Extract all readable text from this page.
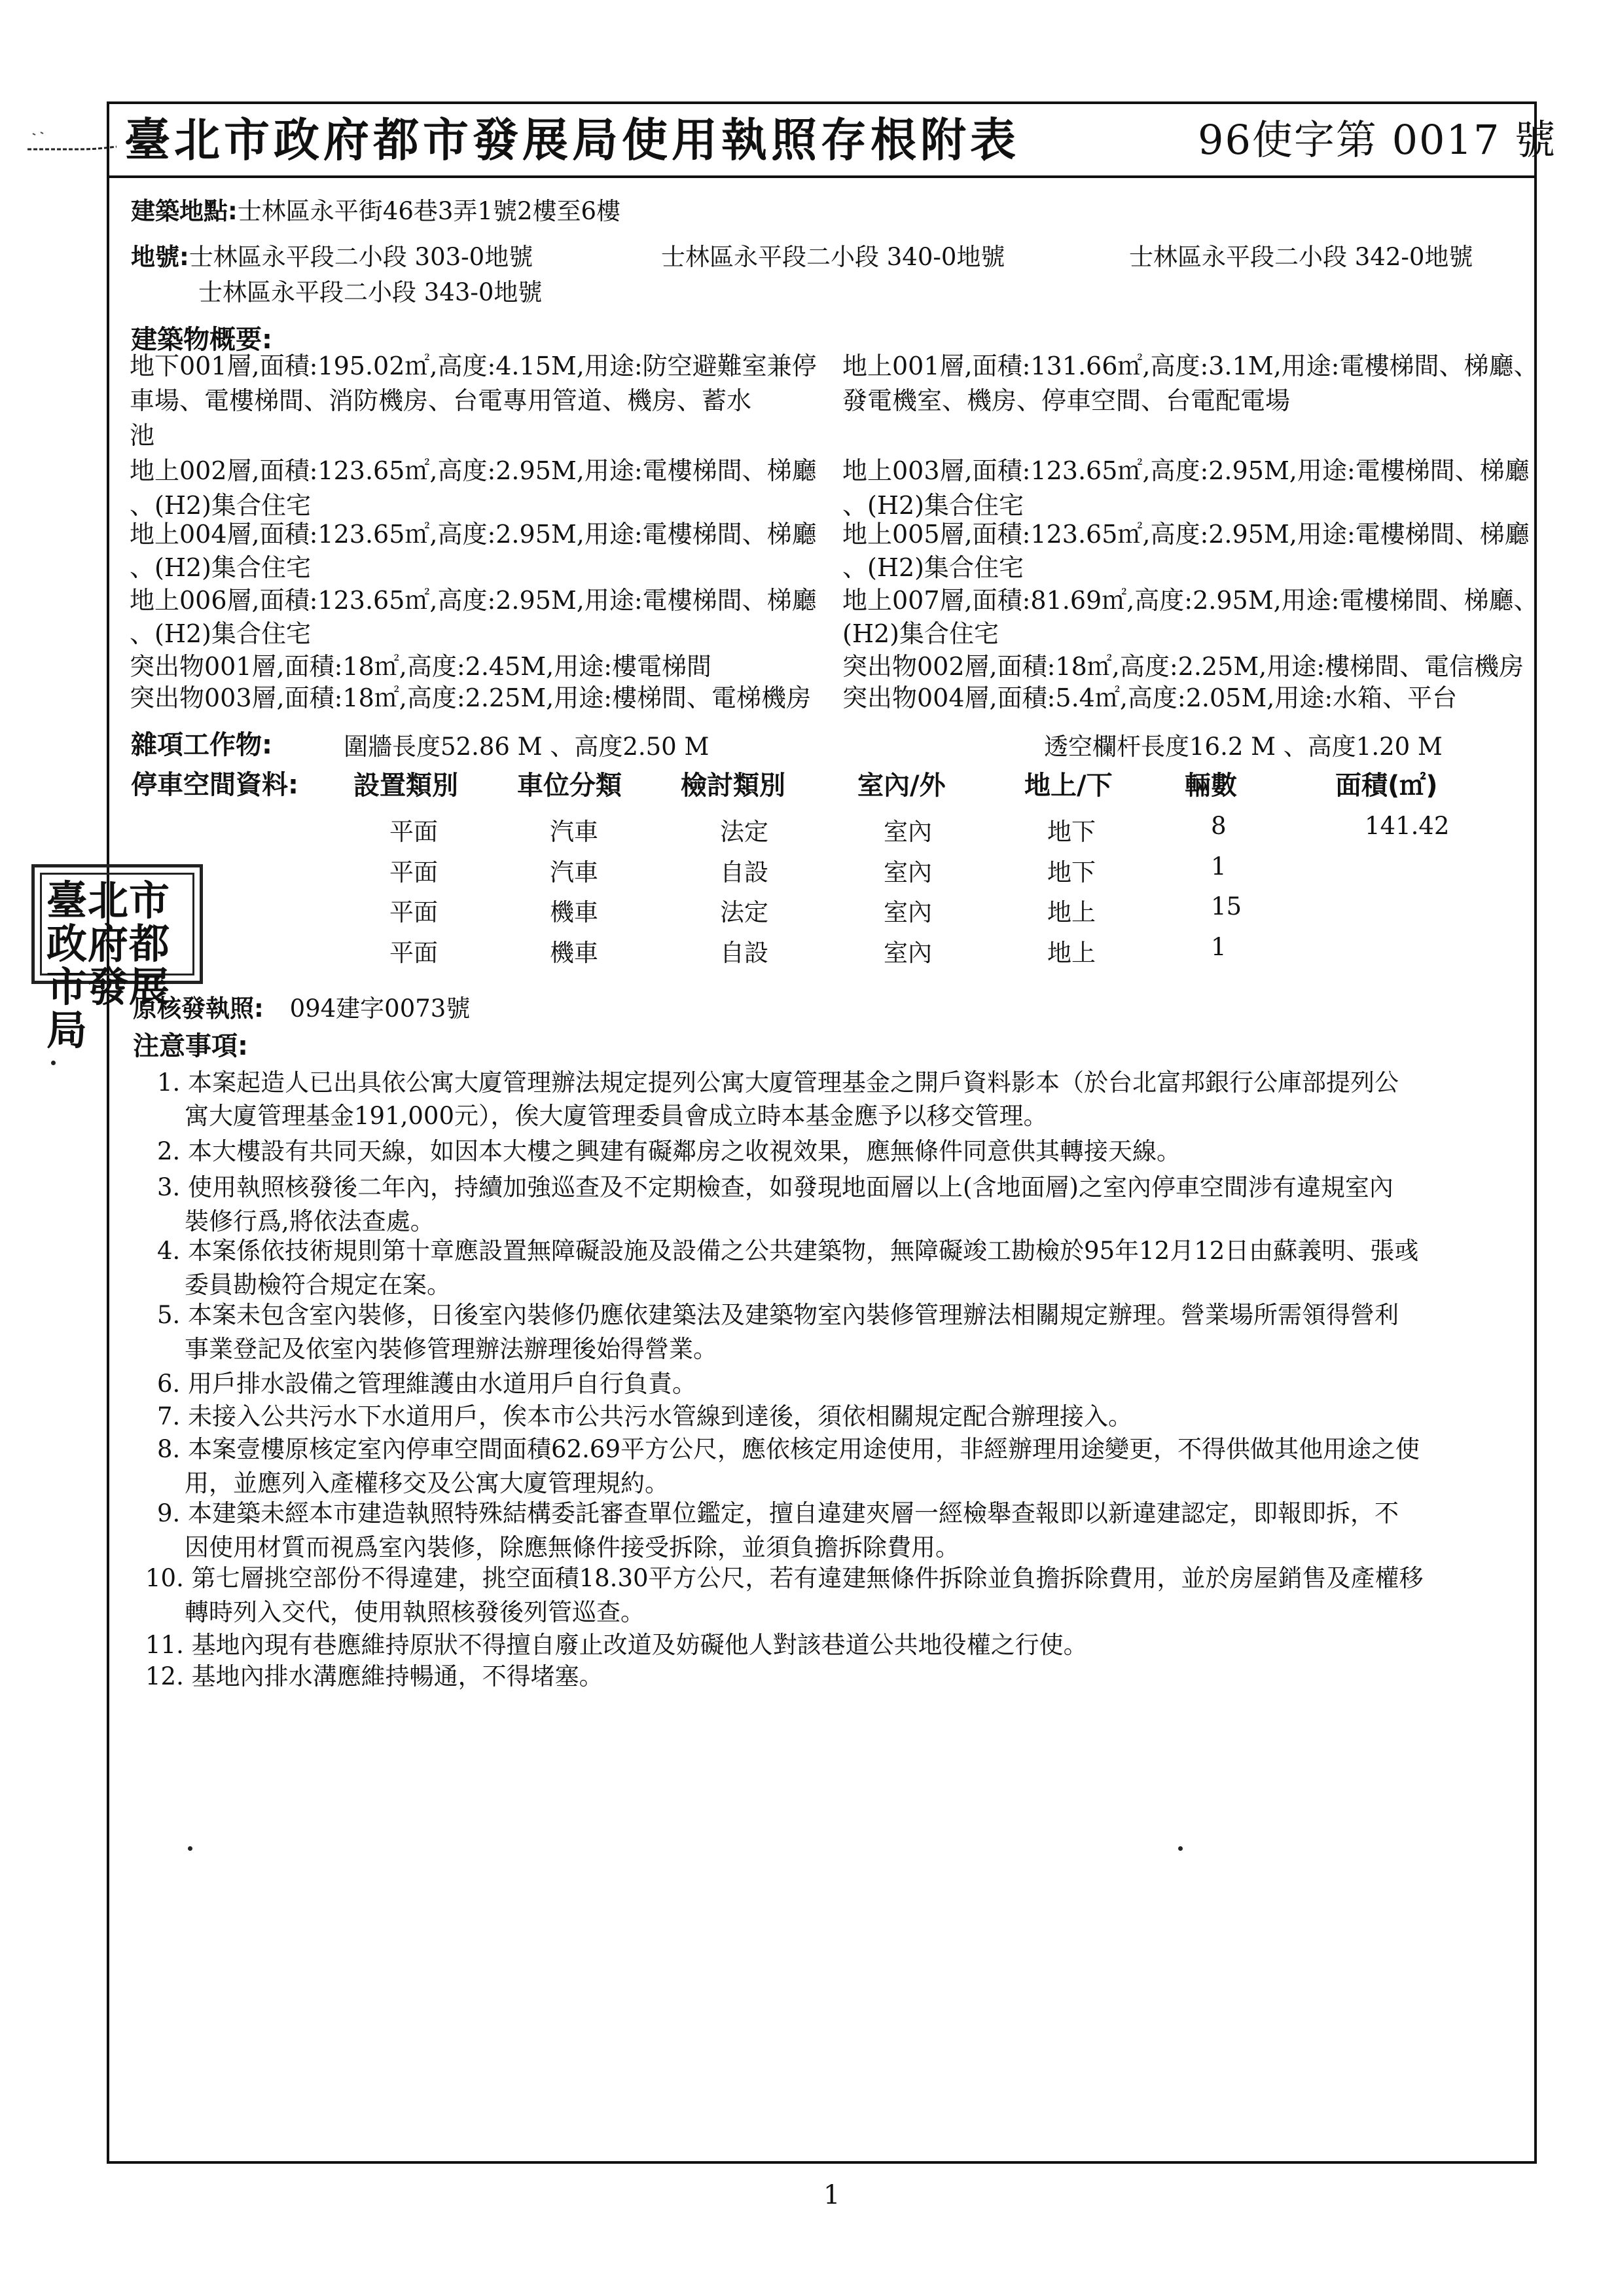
臺北市政府都市發展局使用執照存根附表	96使字第 0017 號
建築地點:士林區永平街46巷3弄1號2樓至6樓
地號:士林區永平段二小段 303-0地號	士林區永平段二小段 340-0地號	士林區永平段二小段 342-0地號
士林區永平段二小段 343-0地號
建築物概要:
地下001層,面積:195.02㎡,高度:4.15M,用途:防空避難室兼停
車場、電樓梯間、消防機房、台電專用管道、機房、蓄水
池
地上002層,面積:123.65㎡,高度:2.95M,用途:電樓梯間、梯廳
、(H2)集合住宅
地上004層,面積:123.65㎡,高度:2.95M,用途:電樓梯間、梯廳
、(H2)集合住宅
地上006層,面積:123.65㎡,高度:2.95M,用途:電樓梯間、梯廳
、(H2)集合住宅
突出物001層,面積:18㎡,高度:2.45M,用途:樓電梯間
突出物003層,面積:18㎡,高度:2.25M,用途:樓梯間、電梯機房
地上001層,面積:131.66㎡,高度:3.1M,用途:電樓梯間、梯廳、
發電機室、機房、停車空間、台電配電場
地上003層,面積:123.65㎡,高度:2.95M,用途:電樓梯間、梯廳
、(H2)集合住宅
地上005層,面積:123.65㎡,高度:2.95M,用途:電樓梯間、梯廳
、(H2)集合住宅
地上007層,面積:81.69㎡,高度:2.95M,用途:電樓梯間、梯廳、
(H2)集合住宅
突出物002層,面積:18㎡,高度:2.25M,用途:樓梯間、電信機房
突出物004層,面積:5.4㎡,高度:2.05M,用途:水箱、平台
雜項工作物:	圍牆長度52.86 M 、高度2.50 M	透空欄杆長度16.2 M 、高度1.20 M
停車空間資料: 設置類別 車位分類 檢討類別	室內/外	地上/下	輛數	面積(㎡)
平面	汽車	法定	室內	地下	8	141.42
平面	汽車	自設	室內	地下	1
平面	機車	法定	室內	地上	15
平面	機車	自設	室內	地上	1
臺北市政府都市發展局	原核發執照: 094建字0073號
注意事項:
1. 本案起造人已出具依公寓大廈管理辦法規定提列公寓大廈管理基金之開戶資料影本（於台北富邦銀行公庫部提列公
寓大廈管理基金191,000元），俟大廈管理委員會成立時本基金應予以移交管理。
2. 本大樓設有共同天線，如因本大樓之興建有礙鄰房之收視效果，應無條件同意供其轉接天線。
3. 使用執照核發後二年內，持續加強巡查及不定期檢查，如發現地面層以上(含地面層)之室內停車空間涉有違規室內
裝修行爲,將依法查處。
4. 本案係依技術規則第十章應設置無障礙設施及設備之公共建築物，無障礙竣工勘檢於95年12月12日由蘇義明、張彧
委員勘檢符合規定在案。
5. 本案未包含室內裝修，日後室內裝修仍應依建築法及建築物室內裝修管理辦法相關規定辦理。營業場所需領得營利
事業登記及依室內裝修管理辦法辦理後始得營業。
6. 用戶排水設備之管理維護由水道用戶自行負責。
7. 未接入公共污水下水道用戶，俟本市公共污水管線到達後，須依相關規定配合辦理接入。
8. 本案壹樓原核定室內停車空間面積62.69平方公尺，應依核定用途使用，非經辦理用途變更，不得供做其他用途之使
用，並應列入產權移交及公寓大廈管理規約。
9. 本建築未經本市建造執照特殊結構委託審查單位鑑定，擅自違建夾層一經檢舉查報即以新違建認定，即報即拆，不
因使用材質而視爲室內裝修，除應無條件接受拆除，並須負擔拆除費用。
10. 第七層挑空部份不得違建，挑空面積18.30平方公尺，若有違建無條件拆除並負擔拆除費用，並於房屋銷售及產權移
轉時列入交代，使用執照核發後列管巡查。
11. 基地內現有巷應維持原狀不得擅自廢止改道及妨礙他人對該巷道公共地役權之行使。
12. 基地內排水溝應維持暢通，不得堵塞。
1
